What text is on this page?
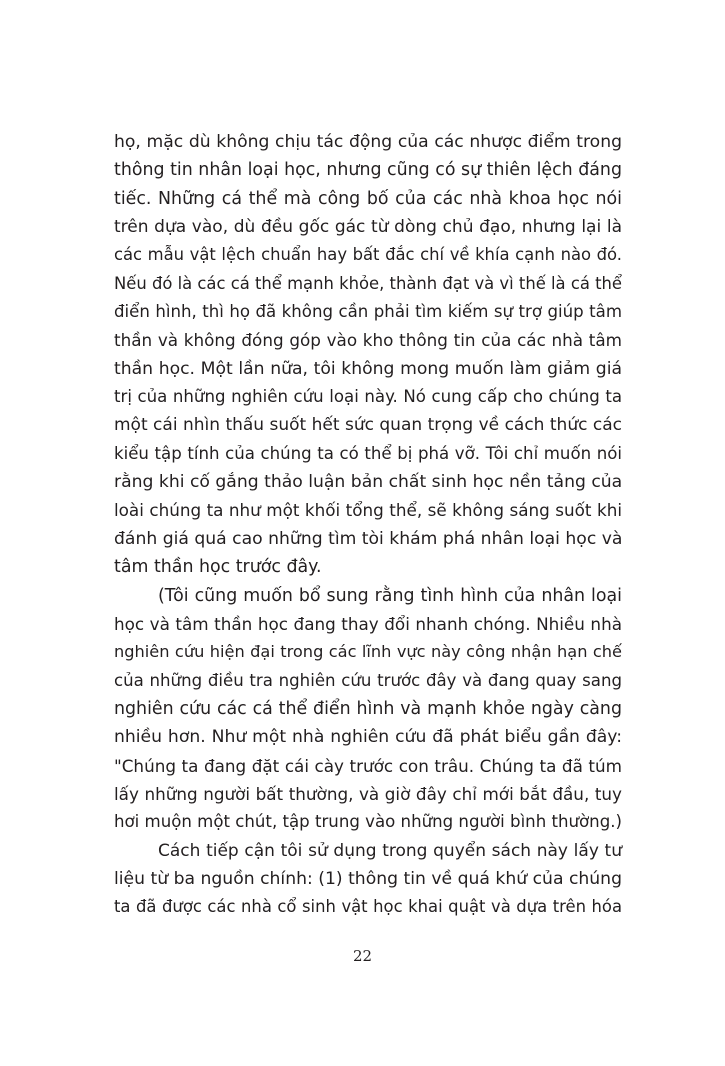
họ, mặc dù không chịu tác động của các nhược điểm trong
thông tin nhân loại học, nhưng cũng có sự thiên lệch đáng
tiếc. Những cá thể mà công bố của các nhà khoa học nói
trên dựa vào, dù đều gốc gác từ dòng chủ đạo, nhưng lại là
các mẫu vật lệch chuẩn hay bất đắc chí về khía cạnh nào đó.
Nếu đó là các cá thể mạnh khỏe, thành đạt và vì thế là cá thể
điển hình, thì họ đã không cần phải tìm kiếm sự trợ giúp tâm
thần và không đóng góp vào kho thông tin của các nhà tâm
thần học. Một lần nữa, tôi không mong muốn làm giảm giá
trị của những nghiên cứu loại này. Nó cung cấp cho chúng ta
một cái nhìn thấu suốt hết sức quan trọng về cách thức các
kiểu tập tính của chúng ta có thể bị phá vỡ. Tôi chỉ muốn nói
rằng khi cố gắng thảo luận bản chất sinh học nền tảng của
loài chúng ta như một khối tổng thể, sẽ không sáng suốt khi
đánh giá quá cao những tìm tòi khám phá nhân loại học và
tâm thần học trước đây.
(Tôi cũng muốn bổ sung rằng tình hình của nhân loại
học và tâm thần học đang thay đổi nhanh chóng. Nhiều nhà
nghiên cứu hiện đại trong các lĩnh vực này công nhận hạn chế
của những điều tra nghiên cứu trước đây và đang quay sang
nghiên cứu các cá thể điển hình và mạnh khỏe ngày càng
nhiều hơn. Như một nhà nghiên cứu đã phát biểu gần đây:
"Chúng ta đang đặt cái cày trước con trâu. Chúng ta đã túm
lấy những người bất thường, và giờ đây chỉ mới bắt đầu, tuy
hơi muộn một chút, tập trung vào những người bình thường.)
Cách tiếp cận tôi sử dụng trong quyển sách này lấy tư
liệu từ ba nguồn chính: (1) thông tin về quá khứ của chúng
ta đã được các nhà cổ sinh vật học khai quật và dựa trên hóa
22
